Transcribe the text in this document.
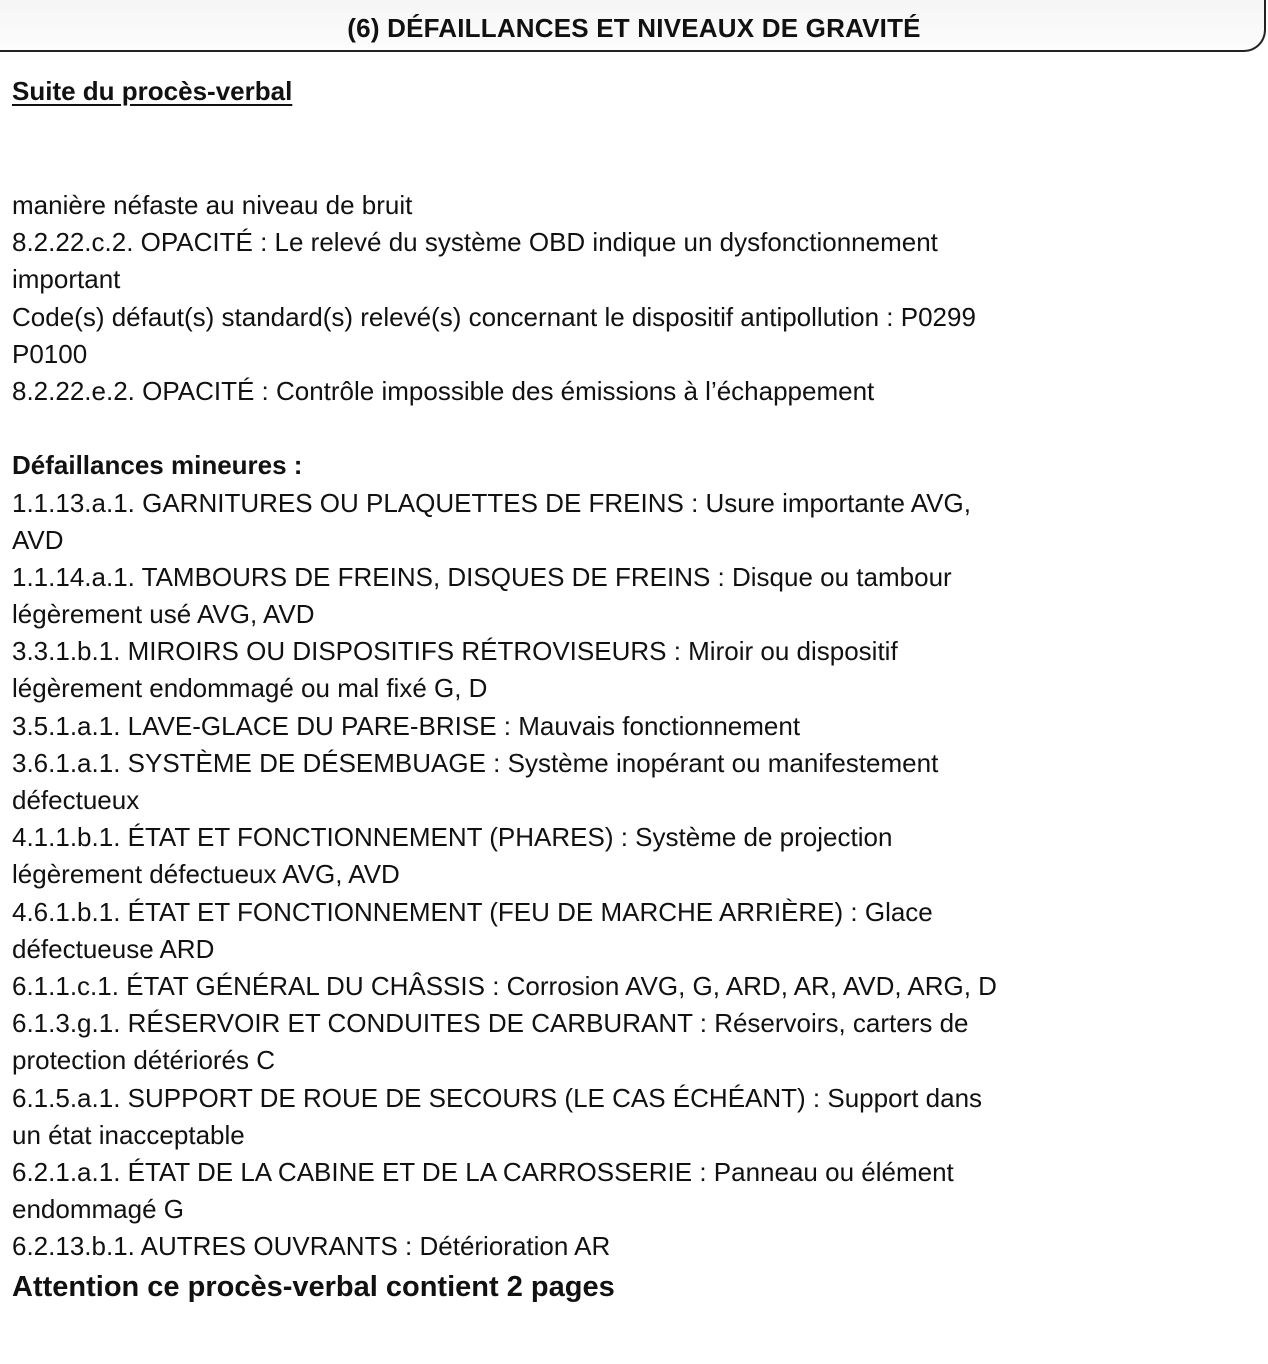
(6) DÉFAILLANCES ET NIVEAUX DE GRAVITÉ
Suite du procès-verbal
manière néfaste au niveau de bruit
8.2.22.c.2. OPACITÉ : Le relevé du système OBD indique un dysfonctionnement
important
Code(s) défaut(s) standard(s) relevé(s) concernant le dispositif antipollution : P0299
P0100
8.2.22.e.2. OPACITÉ : Contrôle impossible des émissions à l’échappement
Défaillances mineures :
1.1.13.a.1. GARNITURES OU PLAQUETTES DE FREINS : Usure importante AVG,
AVD
1.1.14.a.1. TAMBOURS DE FREINS, DISQUES DE FREINS : Disque ou tambour
légèrement usé AVG, AVD
3.3.1.b.1. MIROIRS OU DISPOSITIFS RÉTROVISEURS : Miroir ou dispositif
légèrement endommagé ou mal fixé G, D
3.5.1.a.1. LAVE-GLACE DU PARE-BRISE : Mauvais fonctionnement
3.6.1.a.1. SYSTÈME DE DÉSEMBUAGE : Système inopérant ou manifestement
défectueux
4.1.1.b.1. ÉTAT ET FONCTIONNEMENT (PHARES) : Système de projection
légèrement défectueux AVG, AVD
4.6.1.b.1. ÉTAT ET FONCTIONNEMENT (FEU DE MARCHE ARRIÈRE) : Glace
défectueuse ARD
6.1.1.c.1. ÉTAT GÉNÉRAL DU CHÂSSIS : Corrosion AVG, G, ARD, AR, AVD, ARG, D
6.1.3.g.1. RÉSERVOIR ET CONDUITES DE CARBURANT : Réservoirs, carters de
protection détériorés C
6.1.5.a.1. SUPPORT DE ROUE DE SECOURS (LE CAS ÉCHÉANT) : Support dans
un état inacceptable
6.2.1.a.1. ÉTAT DE LA CABINE ET DE LA CARROSSERIE : Panneau ou élément
endommagé G
6.2.13.b.1. AUTRES OUVRANTS : Détérioration AR
Attention ce procès-verbal contient 2 pages
